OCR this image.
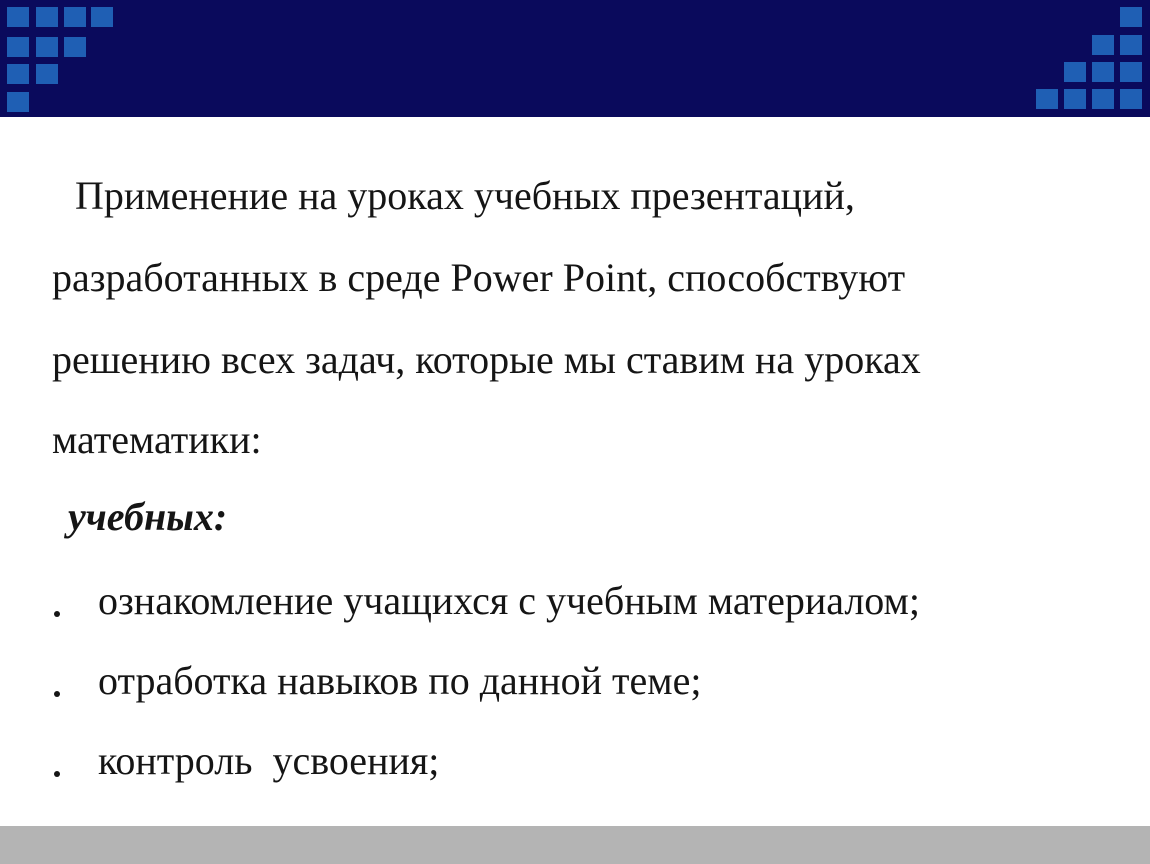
Применение на уроках учебных презентаций,
разработанных в среде Power Point, способствуют
решению всех задач, которые мы ставим на уроках
математики:
учебных:
ознакомление учащихся с учебным материалом;
отработка навыков по данной теме;
контроль  усвоения;
